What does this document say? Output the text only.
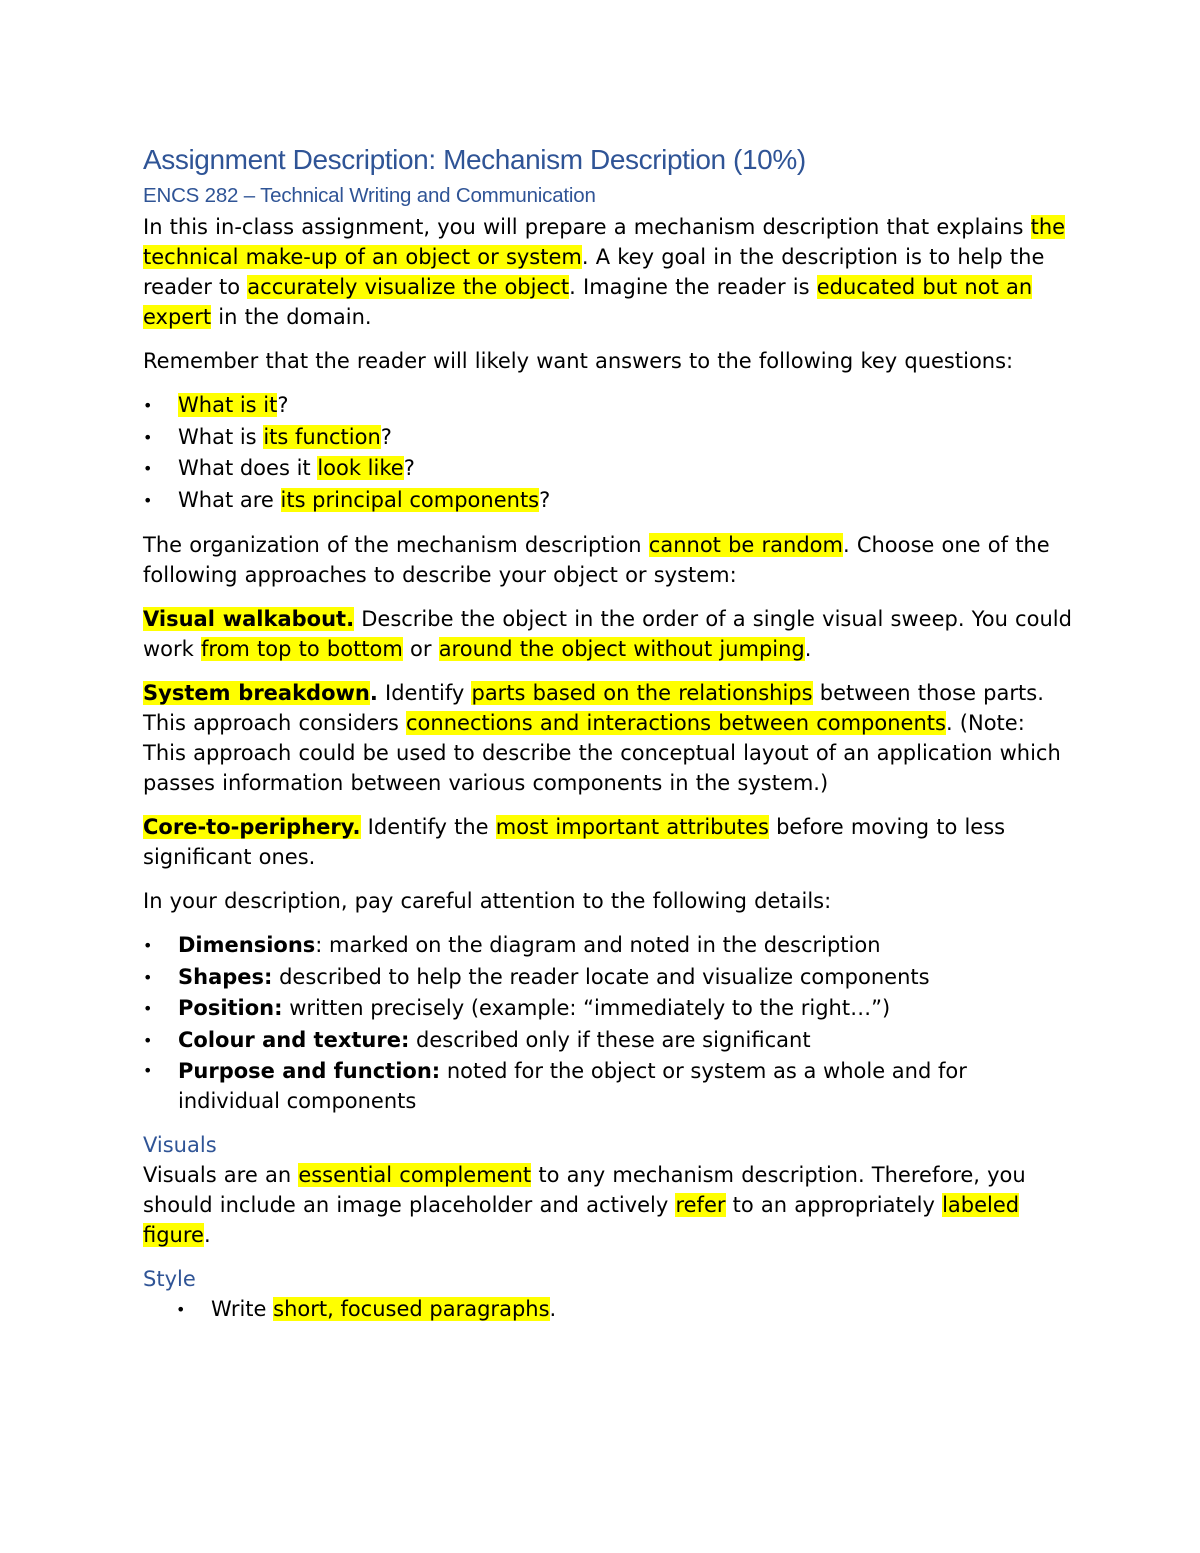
Assignment Description: Mechanism Description (10%)
ENCS 282 – Technical Writing and Communication

In this in-class assignment, you will prepare a mechanism description that explains the technical make-up of an object or system. A key goal in the description is to help the reader to accurately visualize the object. Imagine the reader is educated but not an expert in the domain.

Remember that the reader will likely want answers to the following key questions:

• What is it?
• What is its function?
• What does it look like?
• What are its principal components?

The organization of the mechanism description cannot be random. Choose one of the following approaches to describe your object or system:

Visual walkabout. Describe the object in the order of a single visual sweep. You could work from top to bottom or around the object without jumping.

System breakdown. Identify parts based on the relationships between those parts. This approach considers connections and interactions between components. (Note: This approach could be used to describe the conceptual layout of an application which passes information between various components in the system.)

Core-to-periphery. Identify the most important attributes before moving to less significant ones.

In your description, pay careful attention to the following details:

• Dimensions: marked on the diagram and noted in the description
• Shapes: described to help the reader locate and visualize components
• Position: written precisely (example: “immediately to the right…”)
• Colour and texture: described only if these are significant
• Purpose and function: noted for the object or system as a whole and for individual components
Visuals

Visuals are an essential complement to any mechanism description. Therefore, you should include an image placeholder and actively refer to an appropriately labeled figure.

Style
• Write short, focused paragraphs.
